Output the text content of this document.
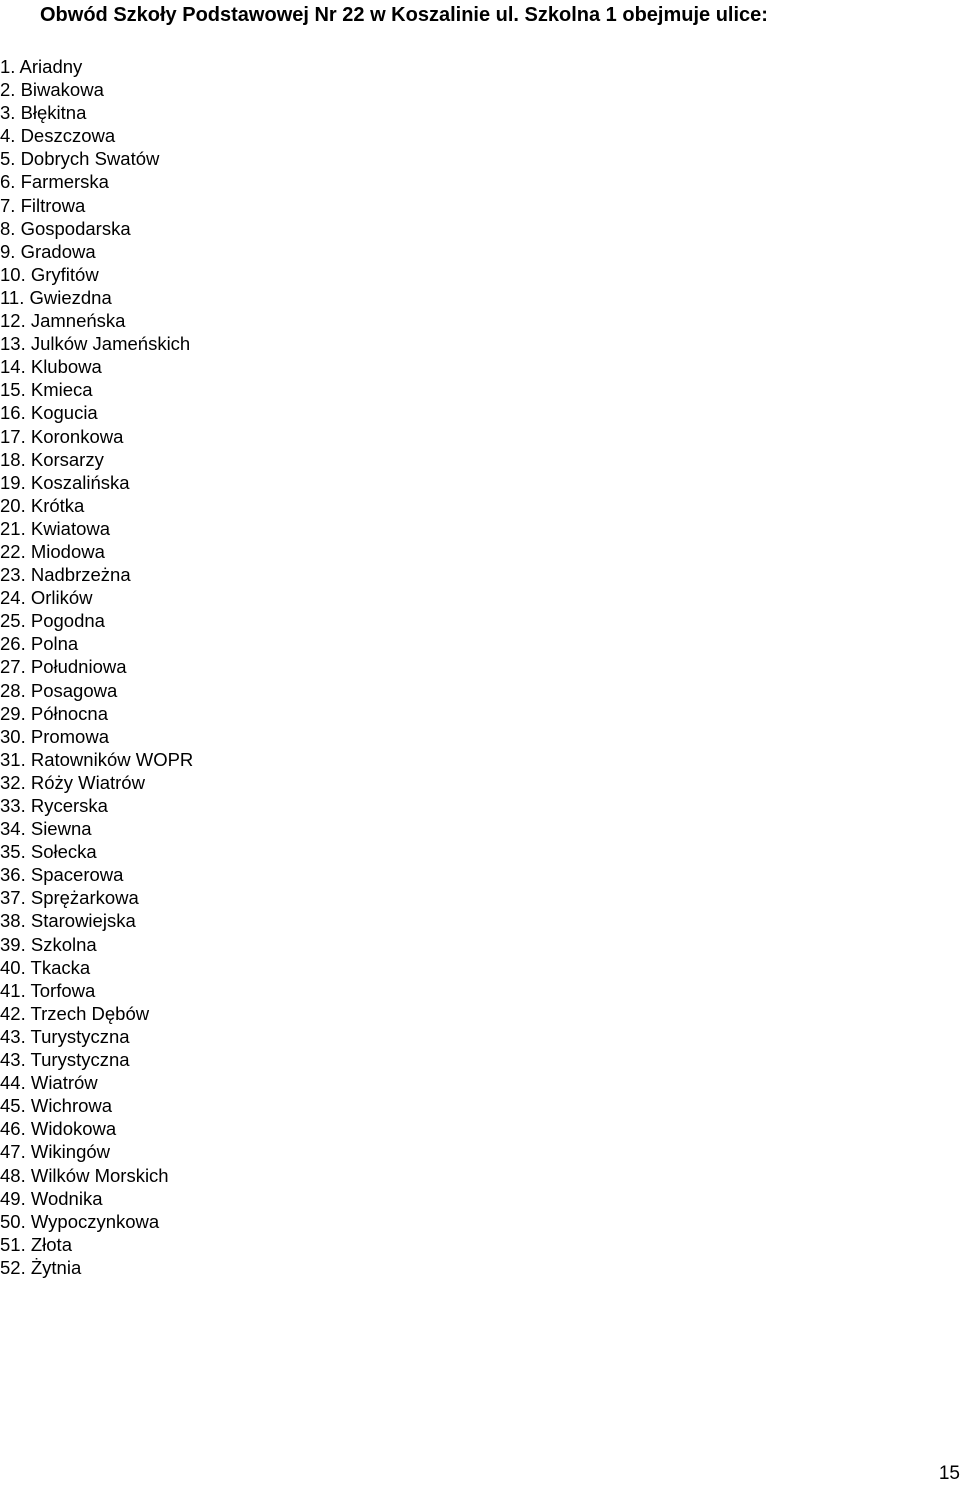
Obwód Szkoły Podstawowej Nr 22 w Koszalinie ul. Szkolna 1 obejmuje ulice:
1. Ariadny
2. Biwakowa
3. Błękitna
4. Deszczowa
5. Dobrych Swatów
6. Farmerska
7. Filtrowa
8. Gospodarska
9. Gradowa
10. Gryfitów
11. Gwiezdna
12. Jamneńska
13. Julków Jameńskich
14. Klubowa
15. Kmieca
16. Kogucia
17. Koronkowa
18. Korsarzy
19. Koszalińska
20. Krótka
21. Kwiatowa
22. Miodowa
23. Nadbrzeżna
24. Orlików
25. Pogodna
26. Polna
27. Południowa
28. Posagowa
29. Północna
30. Promowa
31. Ratowników WOPR
32. Róży Wiatrów
33. Rycerska
34. Siewna
35. Sołecka
36. Spacerowa
37. Sprężarkowa
38. Starowiejska
39. Szkolna
40. Tkacka
41. Torfowa
42. Trzech Dębów
43. Turystyczna
43. Turystyczna
44. Wiatrów
45. Wichrowa
46. Widokowa
47. Wikingów
48. Wilków Morskich
49. Wodnika
50. Wypoczynkowa
51. Złota
52. Żytnia
15
